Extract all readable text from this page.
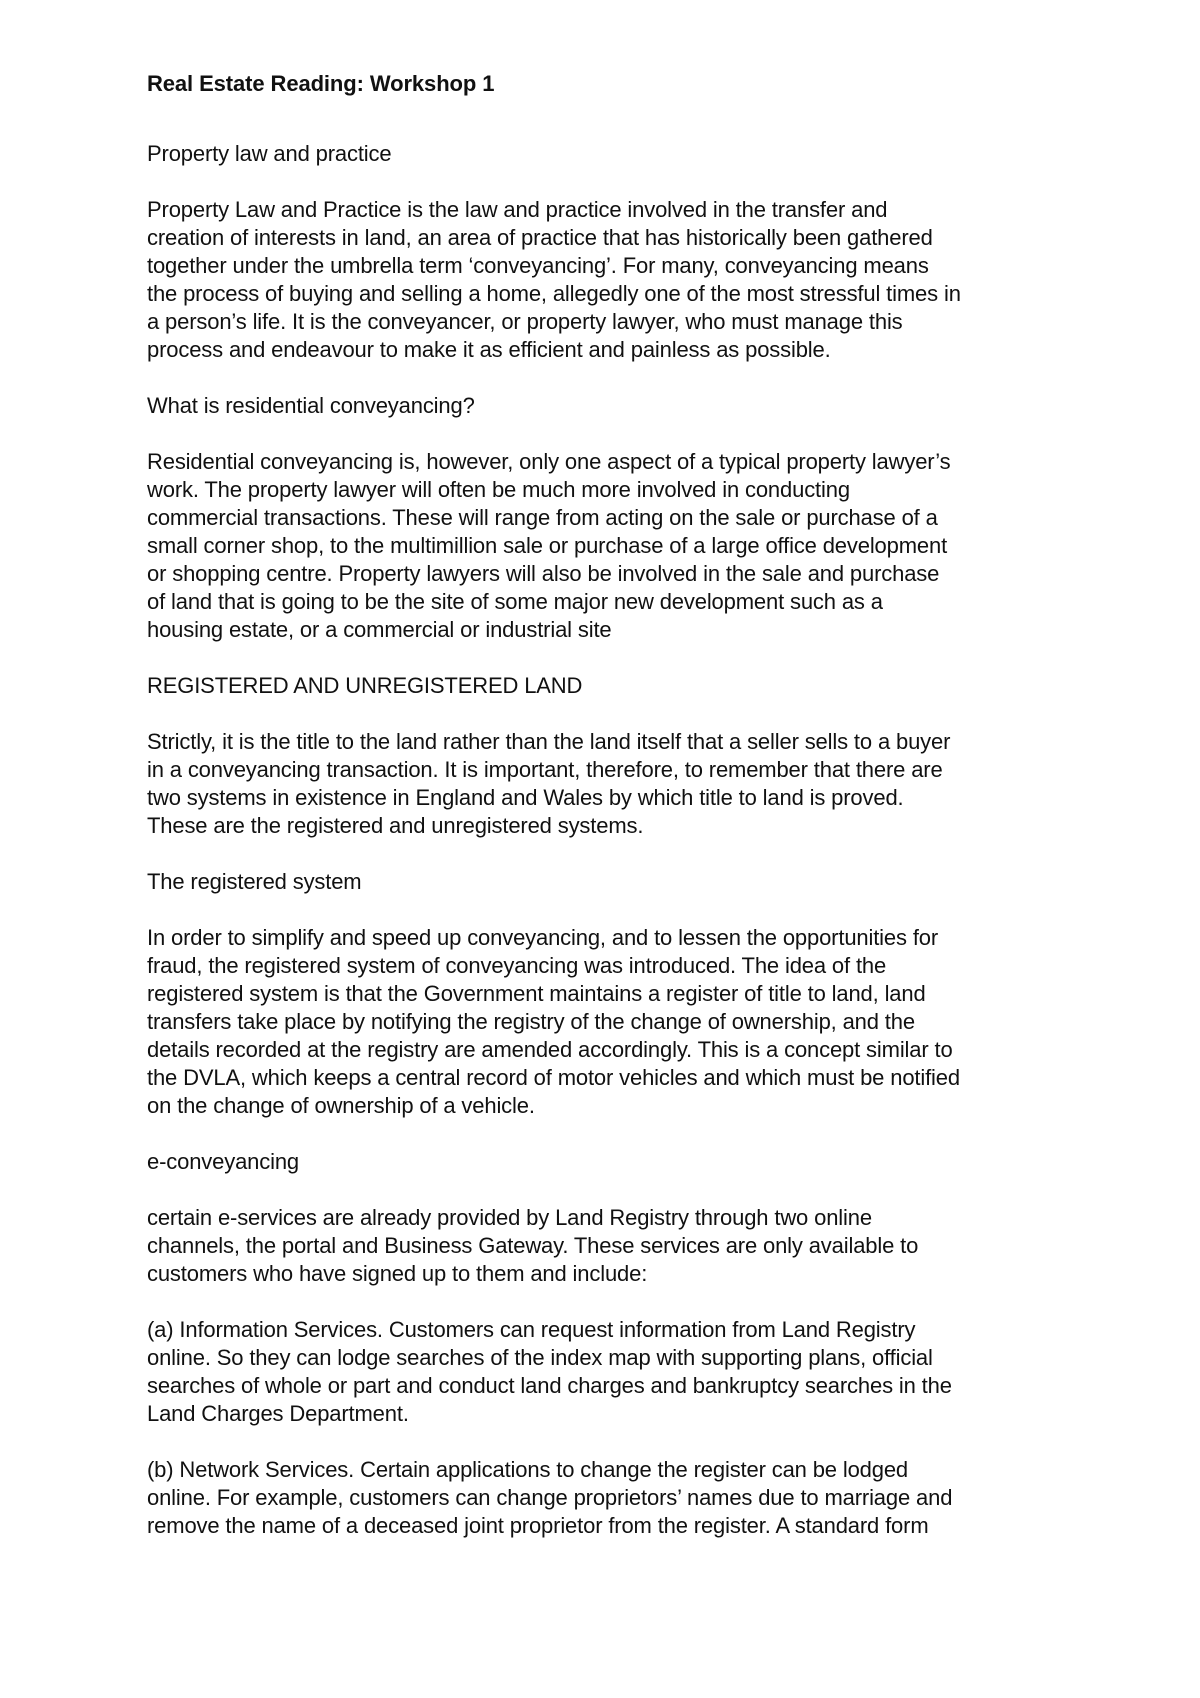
Real Estate Reading: Workshop 1

Property law and practice

Property Law and Practice is the law and practice involved in the transfer and
creation of interests in land, an area of practice that has historically been gathered
together under the umbrella term ‘conveyancing’. For many, conveyancing means
the process of buying and selling a home, allegedly one of the most stressful times in
a person’s life. It is the conveyancer, or property lawyer, who must manage this
process and endeavour to make it as efficient and painless as possible.

What is residential conveyancing?

Residential conveyancing is, however, only one aspect of a typical property lawyer’s
work. The property lawyer will often be much more involved in conducting
commercial transactions. These will range from acting on the sale or purchase of a
small corner shop, to the multimillion sale or purchase of a large office development
or shopping centre. Property lawyers will also be involved in the sale and purchase
of land that is going to be the site of some major new development such as a
housing estate, or a commercial or industrial site

REGISTERED AND UNREGISTERED LAND

Strictly, it is the title to the land rather than the land itself that a seller sells to a buyer
in a conveyancing transaction. It is important, therefore, to remember that there are
two systems in existence in England and Wales by which title to land is proved.
These are the registered and unregistered systems.

The registered system

In order to simplify and speed up conveyancing, and to lessen the opportunities for
fraud, the registered system of conveyancing was introduced. The idea of the
registered system is that the Government maintains a register of title to land, land
transfers take place by notifying the registry of the change of ownership, and the
details recorded at the registry are amended accordingly. This is a concept similar to
the DVLA, which keeps a central record of motor vehicles and which must be notified
on the change of ownership of a vehicle.

e-conveyancing

certain e-services are already provided by Land Registry through two online
channels, the portal and Business Gateway. These services are only available to
customers who have signed up to them and include:

(a) Information Services. Customers can request information from Land Registry
online. So they can lodge searches of the index map with supporting plans, official
searches of whole or part and conduct land charges and bankruptcy searches in the
Land Charges Department.

(b) Network Services. Certain applications to change the register can be lodged
online. For example, customers can change proprietors’ names due to marriage and
remove the name of a deceased joint proprietor from the register. A standard form
